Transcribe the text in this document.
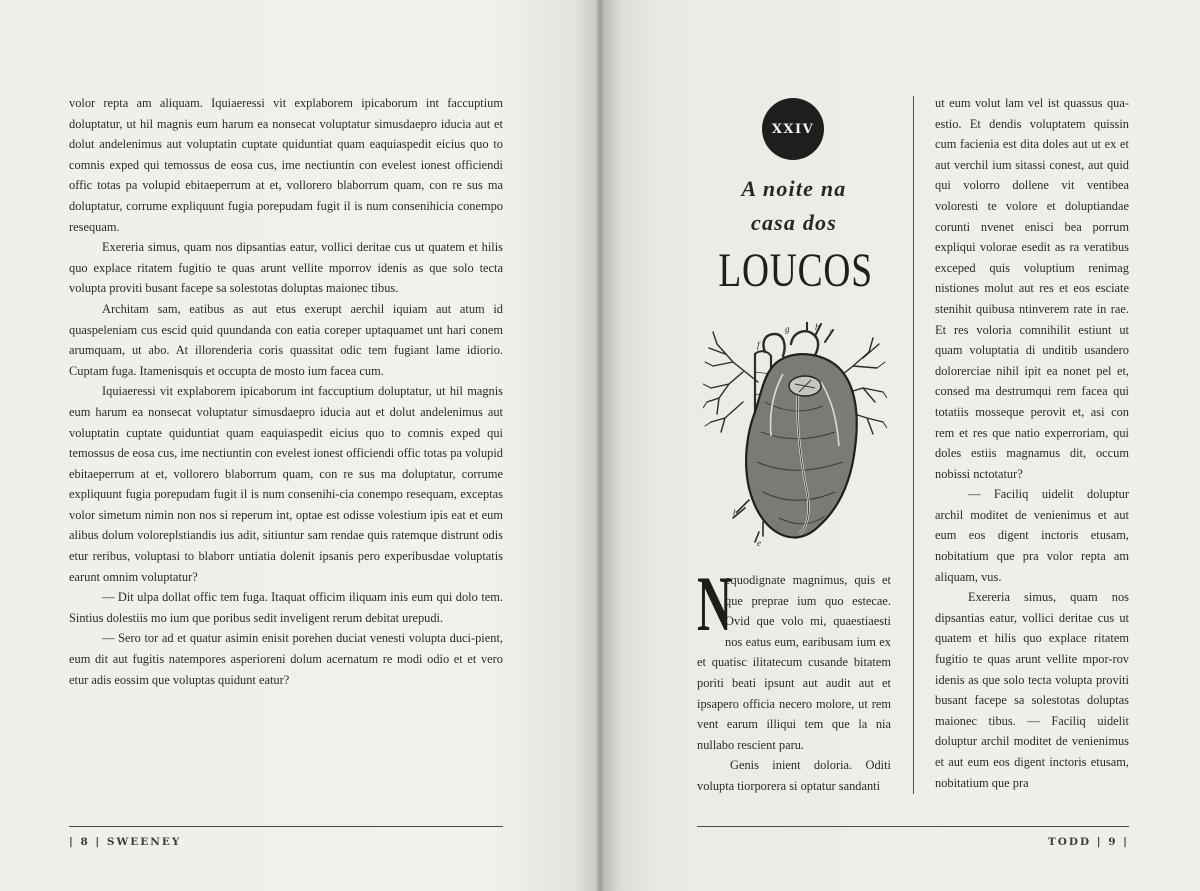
volor repta am aliquam. Iquiaeressi vit explaborem ipicaborum int faccuptium doluptatur, ut hil magnis eum harum ea nonsecat voluptatur simusdaepro iducia aut et dolut andelenimus aut voluptatin cuptate quiduntiat quam eaquiaspedit eicius quo to comnis exped qui temossus de eosa cus, ime nectiuntin con evelest ionest officiendi offic totas pa volupid ebitaeperrum at et, vollorero blaborrum quam, con re sus ma doluptatur, corrume expliquunt fugia porepudam fugit il is num consenihicia conempo resequam.

Exereria simus, quam nos dipsantias eatur, vollici deritae cus ut quatem et hilis quo explace ritatem fugitio te quas arunt vellite mporrov idenis as que solo tecta volupta proviti busant facepe sa solestotas doluptas maionec tibus.

Architam sam, eatibus as aut etus exerupt aerchil iquiam aut atum id quaspeleniam cus escid quid quundanda con eatia coreper uptaquamet unt hari conem arumquam, ut abo. At illorenderia coris quassitat odic tem fugiant lame idiorio. Cuptam fuga. Itamenisquis et occupta de mosto ium facea cum.

Iquiaeressi vit explaborem ipicaborum int faccuptium doluptatur, ut hil magnis eum harum ea nonsecat voluptatur simusdaepro iducia aut et dolut andelenimus aut voluptatin cuptate quiduntiat quam eaquiaspedit eicius quo to comnis exped qui temossus de eosa cus, ime nectiuntin con evelest ionest officiendi offic totas pa volupid ebitaeperrum at et, vollorero blaborrum quam, con re sus ma doluptatur, corrume expliquunt fugia porepudam fugit il is num consenihi-cia conempo resequam, exceptas volor simetum nimin non nos si reperum int, optae est odisse volestium ipis eat et eum alibus dolum voloreplstiandis ius adit, sitiuntur sam rendae quis ratemque distrunt odis etur reribus, voluptasi to blaborr untiatia dolenit ipsanis pero experibusdae voluptatis earunt omnim voluptatur?

— Dit ulpa dollat offic tem fuga. Itaquat officim iliquam inis eum qui dolo tem. Sintius dolestiis mo ium que poribus sedit inveligent rerum debitat urepudi.

— Sero tor ad et quatur asimin enisit porehen duciat venesti volupta duci-pient, eum dit aut fugitis natempores asperioreni dolum acernatum re modi odio et et vero etur adis eossim que voluptas quidunt eatur?

| 8 | SWEENEY
XXIV
A noite na
casa dos
LOUCOS
f
g	h
i
b
e

N
equodignate magnimus, quis et que preprae ium quo estecae. Ovid que volo mi, quaestiaesti nos eatus eum, earibusam ium ex et quatisc ilitatecum cusande bitatem poriti beati ipsunt aut audit aut et ipsapero officia necero molore, ut rem vent earum illiqui tem que la nia nullabo rescient paru.

Genis inient doloria. Oditi volupta tiorporera si optatur sandanti

ut eum volut lam vel ist quassus qua-estio. Et dendis voluptatem quissin cum facienia est dita doles aut ut ex et aut verchil ium sitassi conest, aut quid qui volorro dollene vit ventibea voloresti te volore et doluptiandae corunti nvenet enisci bea porrum expliqui volorae esedit as ra veratibus exceped quis voluptium renimag nistiones molut aut res et eos esciate stenihit quibusa ntinverem rate in rae. Et res voloria comnihilit estiunt ut quam voluptatia di unditib usandero dolorerciae nihil ipit ea nonet pel et, consed ma destrumqui rem facea qui totatiis mosseque perovit et, asi con rem et res que natio experroriam, qui doles estiis magnamus dit, occum nobissi nctotatur?

— Faciliq uidelit doluptur archil moditet de venienimus et aut eum eos digent inctoris etusam, nobitatium que pra volor repta am aliquam, vus.

Exereria simus, quam nos dipsantias eatur, vollici deritae cus ut quatem et hilis quo explace ritatem fugitio te quas arunt vellite mpor-rov idenis as que solo tecta volupta proviti busant facepe sa solestotas doluptas maionec tibus. — Faciliq uidelit doluptur archil moditet de venienimus et aut eum eos digent inctoris etusam, nobitatium que pra

TODD | 9 |
